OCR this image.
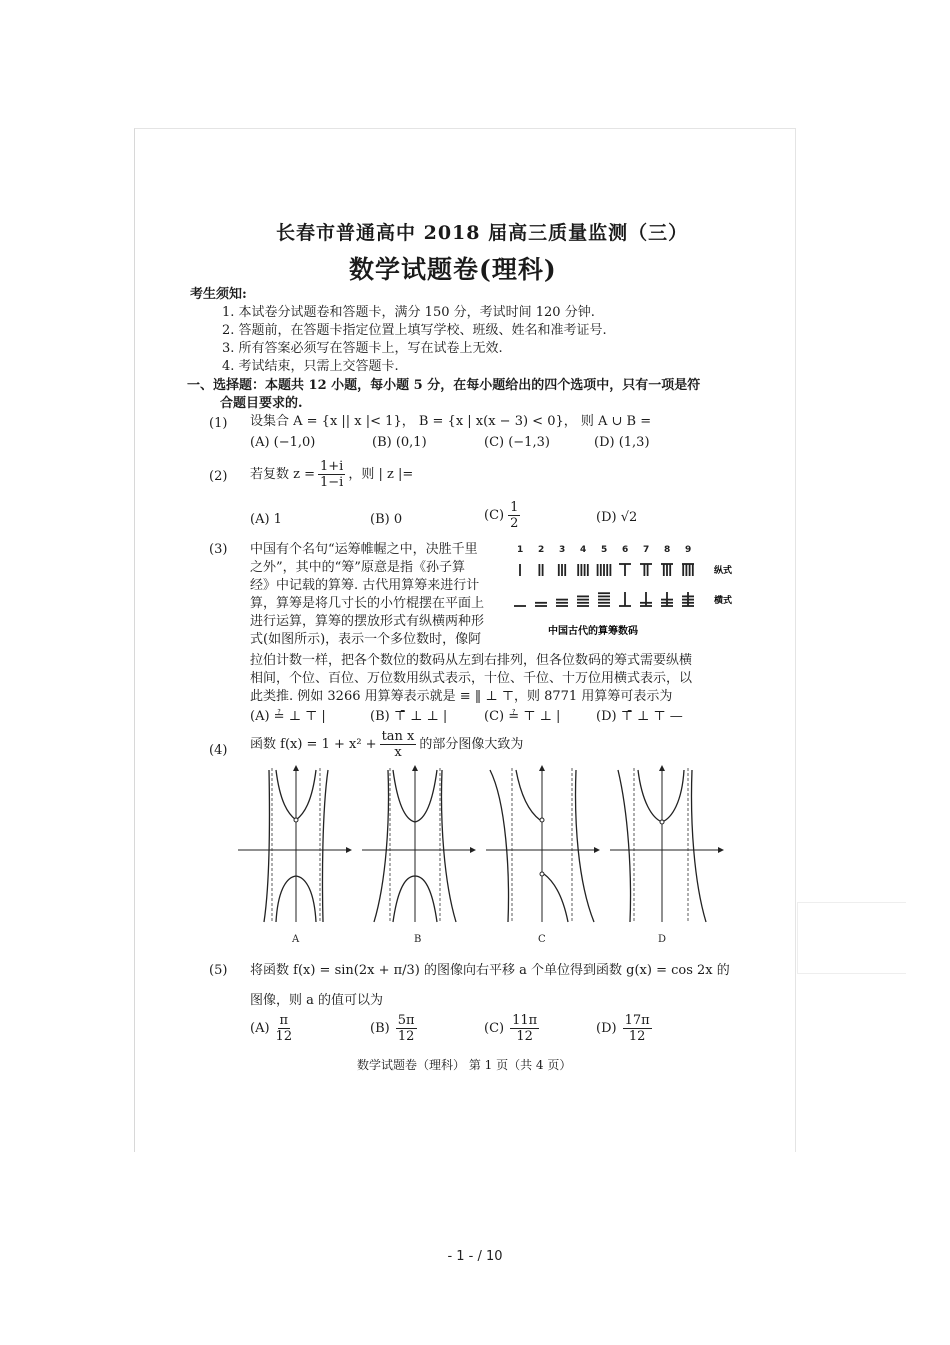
长春市普通高中 2018 届高三质量监测（三）
数学试题卷(理科)
考生须知:
1. 本试卷分试题卷和答题卡，满分 150 分，考试时间 120 分钟.
2. 答题前，在答题卡指定位置上填写学校、班级、姓名和准考证号.
3. 所有答案必须写在答题卡上，写在试卷上无效.
4. 考试结束，只需上交答题卡.
一、选择题：本题共 12 小题，每小题 5 分，在每小题给出的四个选项中，只有一项是符
合题目要求的.
(1) 设集合 A = {x || x |< 1}， B = {x | x(x − 3) < 0}， 则 A ∪ B =
(A) (−1,0)	(B) (0,1)	(C) (−1,3)	(D) (1,3)
(2) 若复数 $z = \frac{1+i}{1-i}$ ，则 | z |=
(A) 1	(B) 0	$(C) \frac{1}{2}$	(D) √2
(3) 中国有个名句“运筹帷幄之中，决胜千里
之外”，其中的“筹”原意是指《孙子算
经》中记载的算筹. 古代用算筹来进行计
算，算筹是将几寸长的小竹棍摆在平面上
进行运算，算筹的摆放形式有纵横两种形
式(如图所示)，表示一个多位数时，像阿
拉伯计数一样，把各个数位的数码从左到右排列，但各位数码的筹式需要纵横
相间，个位、百位、万位数用纵式表示，十位、千位、十万位用横式表示，以
此类推. 例如 3266 用算筹表示就是 ≡ ‖ ⊥ ⊤，则 8771 用算筹可表示为
(A) ≟ ⊥ ⊤ |	(B) ⊤̄ ⊥ ⊥ |	(C) ≟ ⊤ ⊥ |	(D) ⊤̄ ⊥ ⊤ —
1 2 3 4 5 6 7 8 9
纵式
横式
中国古代的算筹数码
(4) 函数 $f(x) = 1 + x^2 + \frac{\text{tan x}}{x}$ 的部分图像大致为
A	B	C	D
(5) 将函数 f(x) = sin(2x + π/3) 的图像向右平移 a 个单位得到函数 g(x) = cos 2x 的
图像，则 a 的值可以为
$(A) \frac{\pi}{12}$	$(B) \frac{5\pi}{12}$	$(C) \frac{11\pi}{12}$	$(D) \frac{17\pi}{12}$
数学试题卷（理科） 第 1 页（共 4 页）
- 1 - / 10
